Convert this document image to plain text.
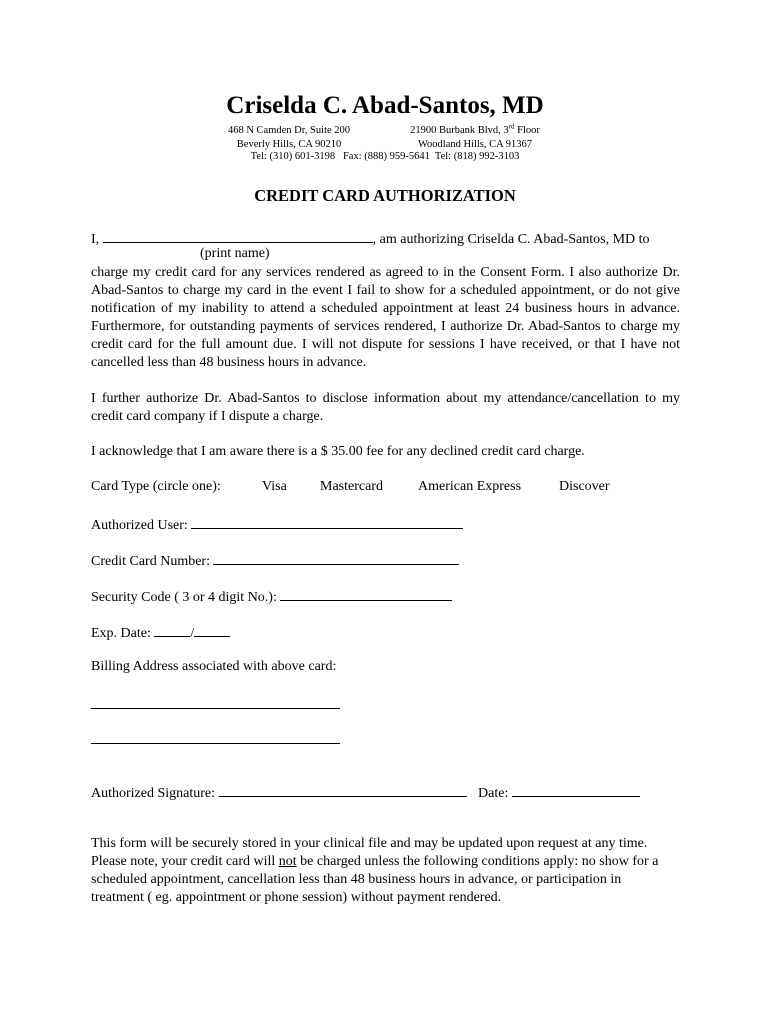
Criselda C. Abad-Santos, MD
468 N Camden Dr, Suite 200
Beverly Hills, CA 90210
21900 Burbank Blvd, 3rd Floor
Woodland Hills, CA 91367
Tel: (310) 601-3198   Fax: (888) 959-5641  Tel: (818) 992-3103
CREDIT CARD AUTHORIZATION
I,	, am authorizing Criselda C. Abad-Santos, MD to
(print name)

charge my credit card for any services rendered as agreed to in the Consent Form. I also authorize Dr. Abad-Santos to charge my card in the event I fail to show for a scheduled appointment, or do not give notification of my inability to attend a scheduled appointment at least 24 business hours in advance. Furthermore, for outstanding payments of services rendered, I authorize Dr. Abad-Santos to charge my credit card for the full amount due. I will not dispute for sessions I have received, or that I have not cancelled less than 48 business hours in advance.

I further authorize Dr. Abad-Santos to disclose information about my attendance/cancellation to my credit card company if I dispute a charge.

I acknowledge that I am aware there is a $ 35.00 fee for any declined credit card charge.

Card Type (circle one):	Visa Mastercard	American Express	Discover
Authorized User:
Credit Card Number:
Security Code ( 3 or 4 digit No.):
Exp. Date:	/
Billing Address associated with above card:
Authorized Signature:	Date:

This form will be securely stored in your clinical file and may be updated upon request at any time. Please note, your credit card will not be charged unless the following conditions apply: no show for a scheduled appointment, cancellation less than 48 business hours in advance, or participation in treatment ( eg. appointment or phone session) without payment rendered.
